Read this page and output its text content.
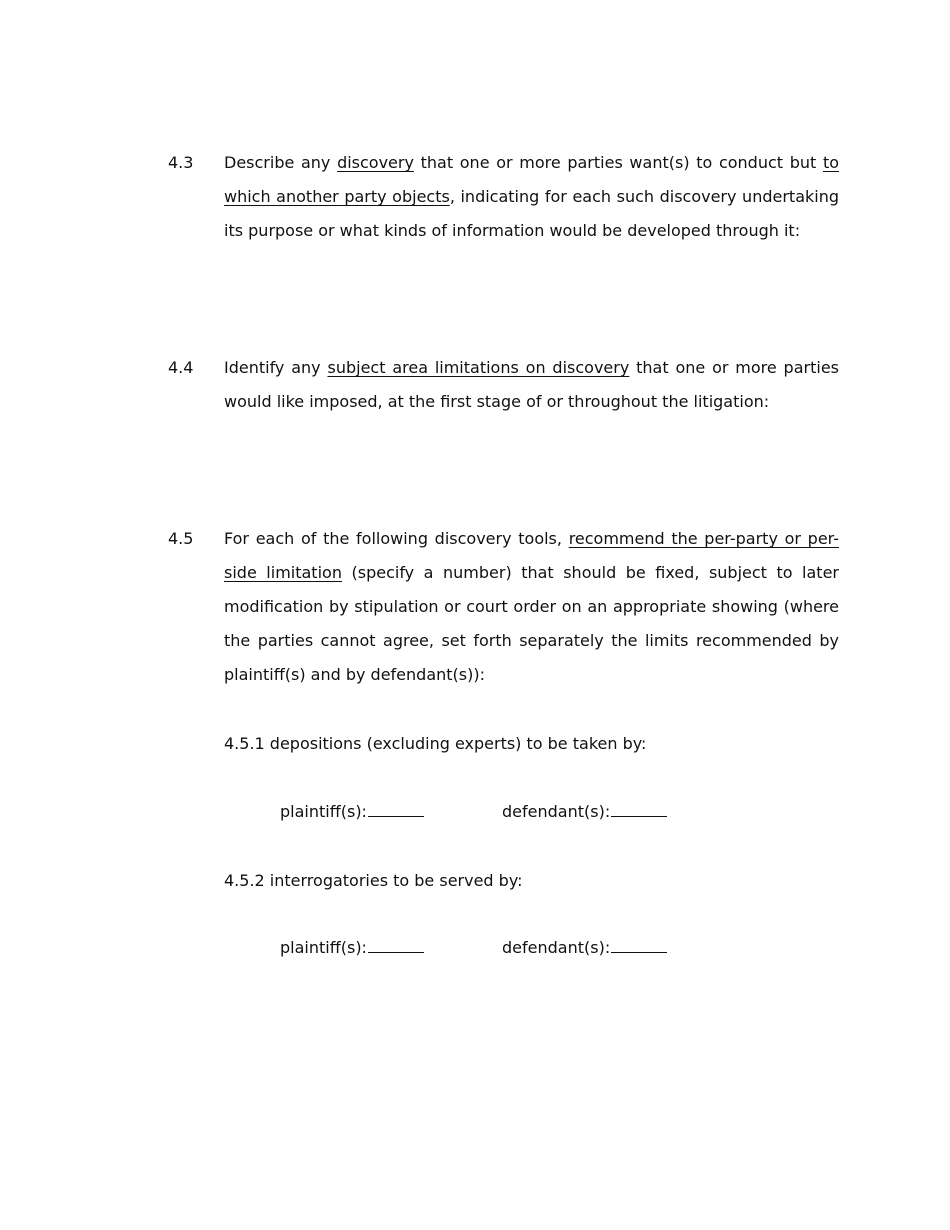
4.3 Describe any discovery that one or more parties want(s) to conduct but to which another party objects, indicating for each such discovery undertaking its purpose or what kinds of information would be developed through it:
4.4 Identify any subject area limitations on discovery that one or more parties would like imposed, at the first stage of or throughout the litigation:
4.5 For each of the following discovery tools, recommend the per-party or per-side limitation (specify a number) that should be fixed, subject to later modification by stipulation or court order on an appropriate showing (where the parties cannot agree, set forth separately the limits recommended by plaintiff(s) and by defendant(s)):
4.5.1 depositions (excluding experts) to be taken by:
plaintiff(s):	defendant(s):
4.5.2 interrogatories to be served by:
plaintiff(s):	defendant(s):
